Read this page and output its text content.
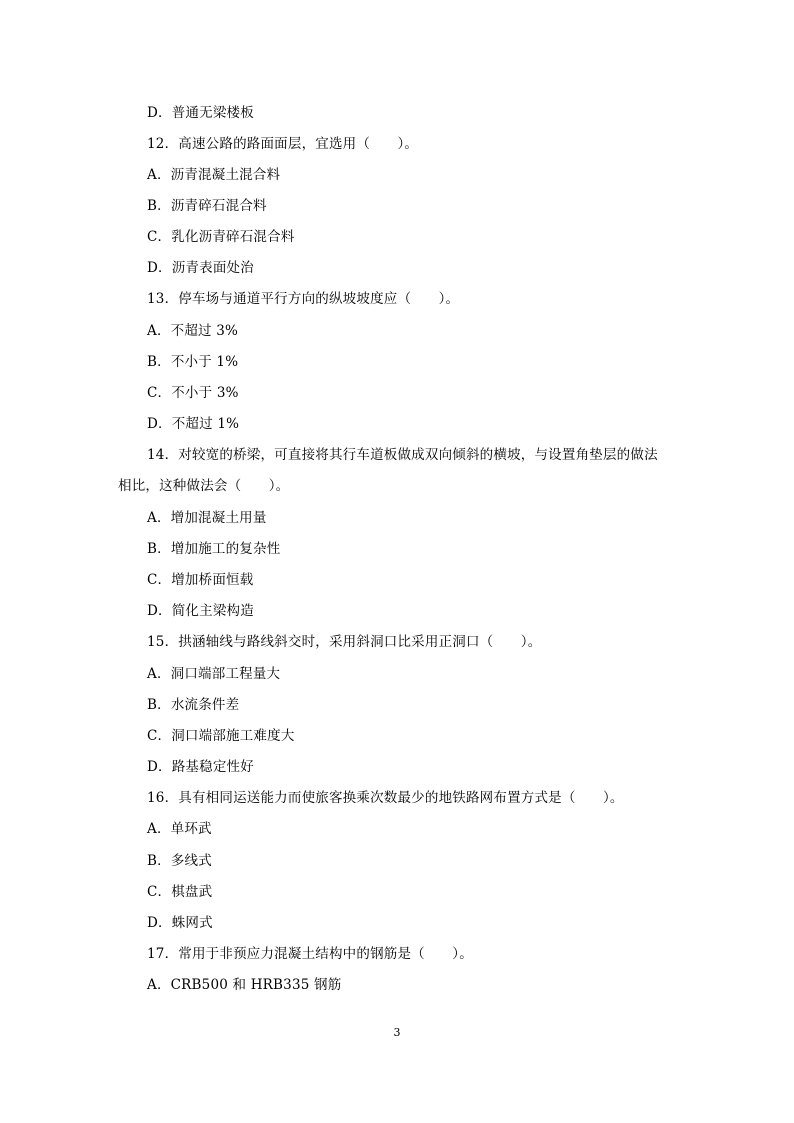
D．普通无梁楼板
12．高速公路的路面面层，宜选用（　　）。
A．沥青混凝土混合料
B．沥青碎石混合料
C．乳化沥青碎石混合料
D．沥青表面处治
13．停车场与通道平行方向的纵坡坡度应（　　）。
A．不超过 3%
B．不小于 1%
C．不小于 3%
D．不超过 1%
14．对较宽的桥梁，可直接将其行车道板做成双向倾斜的横坡，与设置角垫层的做法
相比，这种做法会（　　）。
A．增加混凝土用量
B．增加施工的复杂性
C．增加桥面恒载
D．简化主梁构造
15．拱涵轴线与路线斜交时，采用斜洞口比采用正洞口（　　）。
A．洞口端部工程量大
B．水流条件差
C．洞口端部施工难度大
D．路基稳定性好
16．具有相同运送能力而使旅客换乘次数最少的地铁路网布置方式是（　　）。
A．单环武
B．多线式
C．棋盘武
D．蛛网式
17．常用于非预应力混凝土结构中的钢筋是（　　）。
A．CRB500 和 HRB335 钢筋
3
